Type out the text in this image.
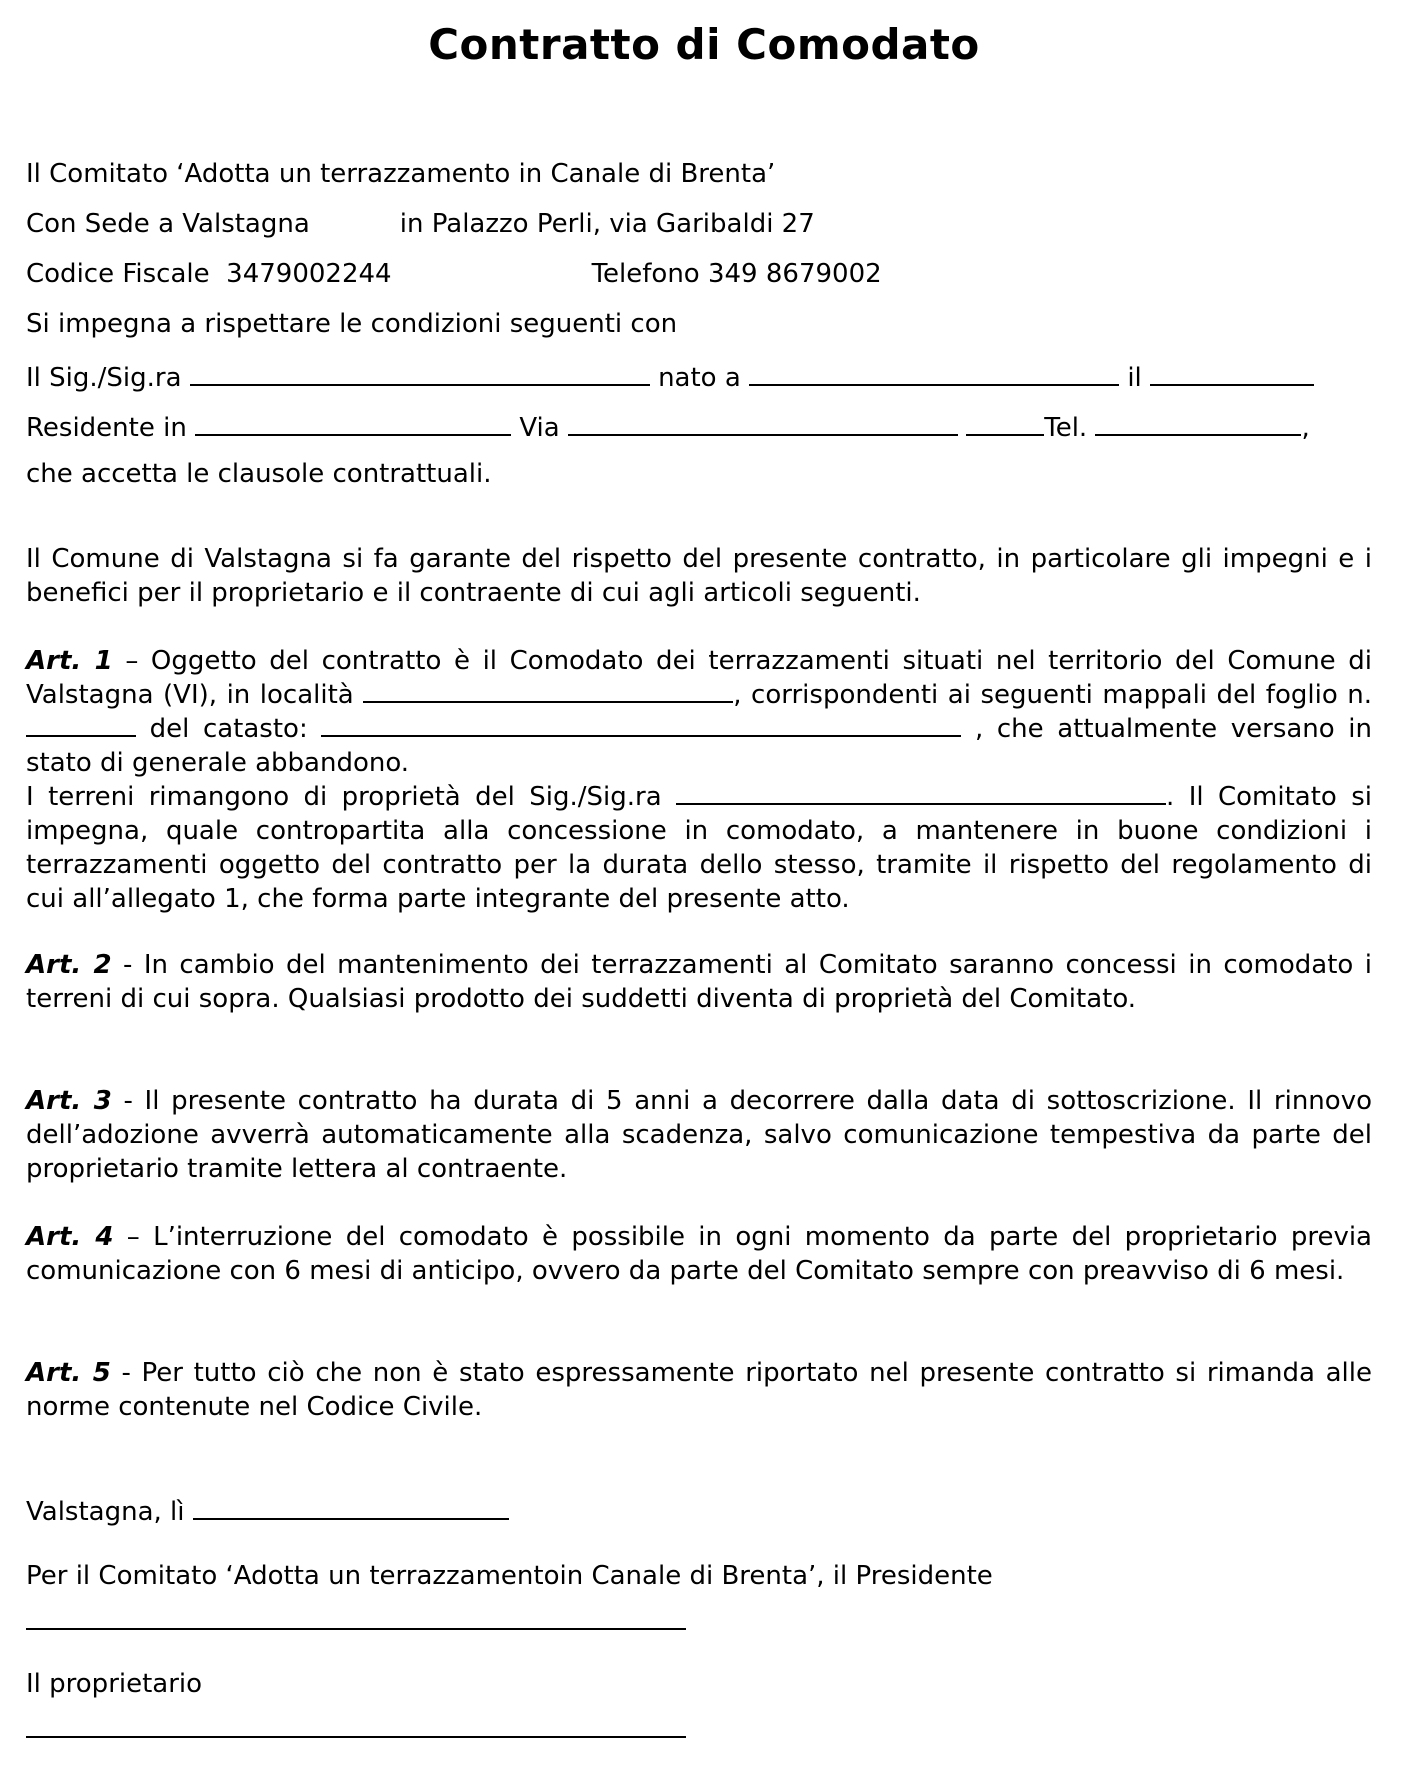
Contratto di Comodato
Il Comitato ‘Adotta un terrazzamento in Canale di Brenta’
Con Sede a Valstagna	in Palazzo Perli, via Garibaldi 27
Codice Fiscale 3479002244	Telefono 349 8679002
Si impegna a rispettare le condizioni seguenti con
Il Sig./Sig.ra	nato a	il
Residente in	Via	Tel.	,
che accetta le clausole contrattuali.
Il Comune di Valstagna si fa garante del rispetto del presente contratto, in particolare gli impegni e i benefici per il proprietario e il contraente di cui agli articoli seguenti.
Art. 1 – Oggetto del contratto è il Comodato dei terrazzamenti situati nel territorio del Comune di Valstagna (VI), in località	, corrispondenti ai seguenti mappali del foglio n.  del catasto:	, che attualmente versano in stato di generale abbandono.
I terreni rimangono di proprietà del Sig./Sig.ra	. Il Comitato si impegna, quale contropartita alla concessione in comodato, a mantenere in buone condizioni i terrazzamenti oggetto del contratto per la durata dello stesso, tramite il rispetto del regolamento di cui all’allegato 1, che forma parte integrante del presente atto.
Art. 2 - In cambio del mantenimento dei terrazzamenti al Comitato saranno concessi in comodato i terreni di cui sopra. Qualsiasi prodotto dei suddetti diventa di proprietà del Comitato.
Art. 3 - Il presente contratto ha durata di 5 anni a decorrere dalla data di sottoscrizione. Il rinnovo dell’adozione avverrà automaticamente alla scadenza, salvo comunicazione tempestiva da parte del proprietario tramite lettera al contraente.
Art. 4 – L’interruzione del comodato è possibile in ogni momento da parte del proprietario previa comunicazione con 6 mesi di anticipo, ovvero da parte del Comitato sempre con preavviso di 6 mesi.
Art. 5 - Per tutto ciò che non è stato espressamente riportato nel presente contratto si rimanda alle norme contenute nel Codice Civile.
Valstagna, lì
Per il Comitato ‘Adotta un terrazzamentoin Canale di Brenta’, il Presidente
Il proprietario
